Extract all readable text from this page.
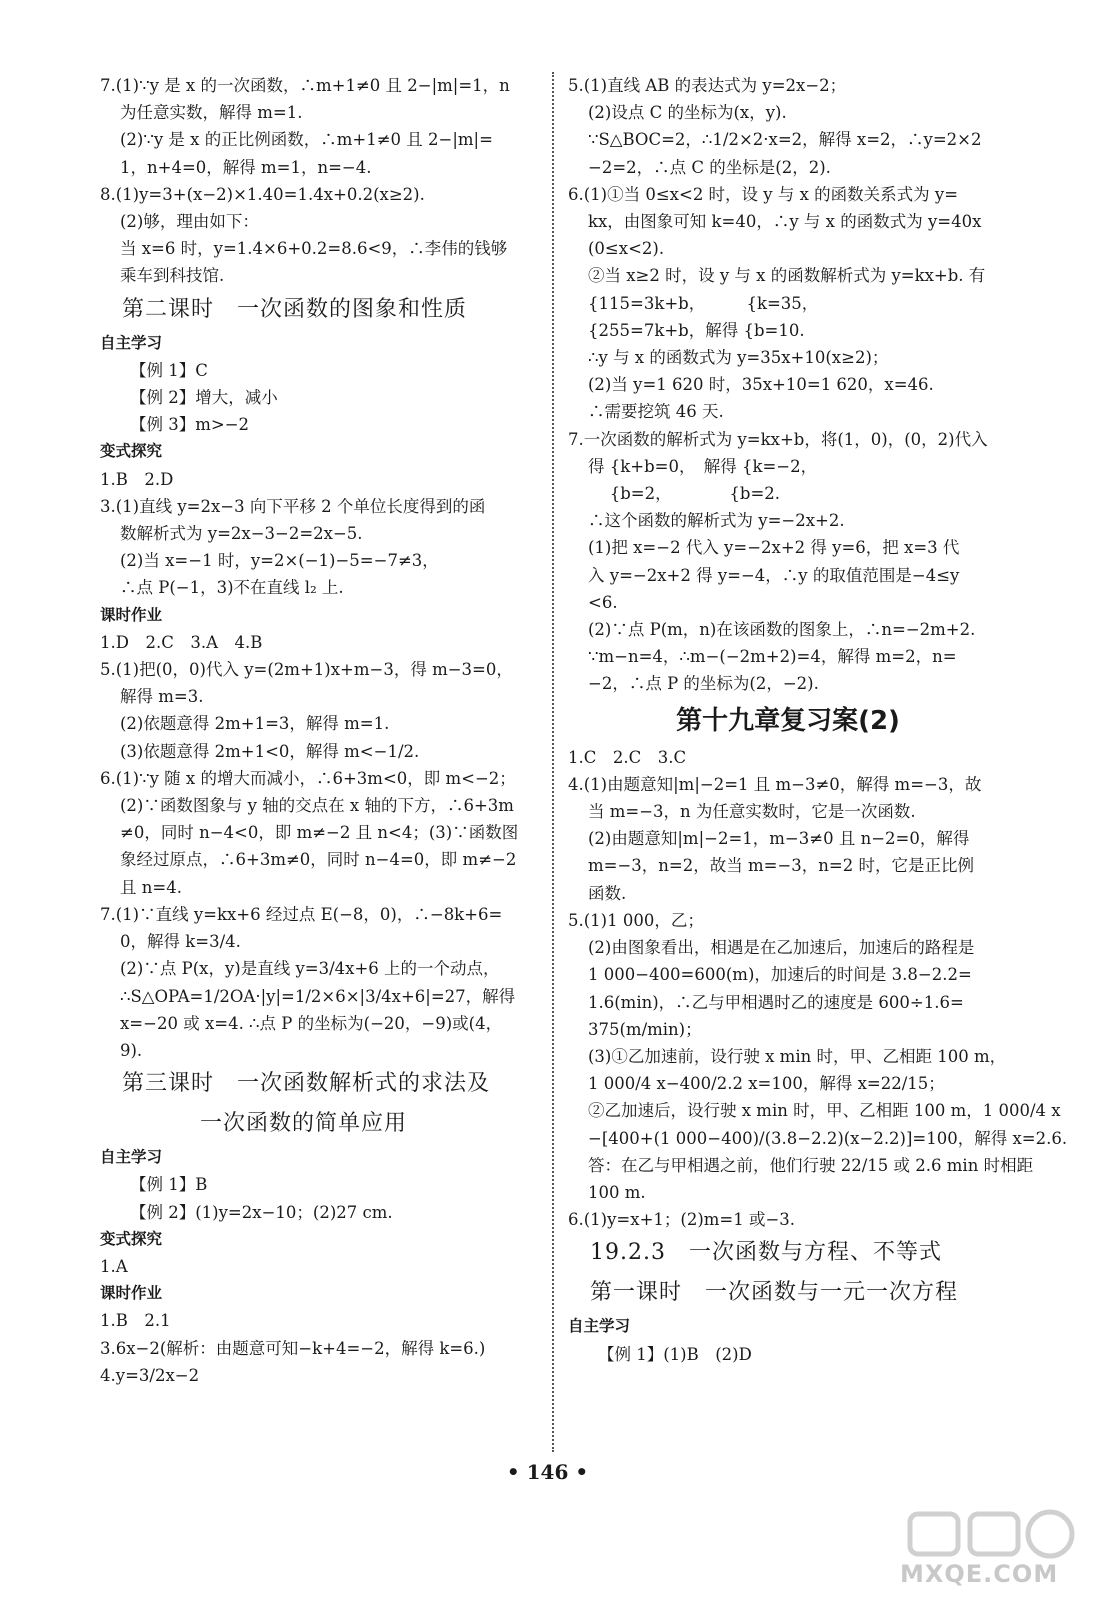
7.(1)∵y 是 x 的一次函数，∴m+1≠0 且 2−|m|=1，n
为任意实数，解得 m=1.
(2)∵y 是 x 的正比例函数，∴m+1≠0 且 2−|m|=
1，n+4=0，解得 m=1，n=−4.
8.(1)y=3+(x−2)×1.40=1.4x+0.2(x≥2).
(2)够，理由如下：
当 x=6 时，y=1.4×6+0.2=8.6<9，∴李伟的钱够
乘车到科技馆.
第二课时　一次函数的图象和性质
自主学习
【例 1】C
【例 2】增大，减小
【例 3】m>−2
变式探究
1.B　2.D
3.(1)直线 y=2x−3 向下平移 2 个单位长度得到的函
数解析式为 y=2x−3−2=2x−5.
(2)当 x=−1 时，y=2×(−1)−5=−7≠3，
∴点 P(−1，3)不在直线 l₂ 上.
课时作业
1.D　2.C　3.A　4.B
5.(1)把(0，0)代入 y=(2m+1)x+m−3，得 m−3=0，
解得 m=3.
(2)依题意得 2m+1=3，解得 m=1.
(3)依题意得 2m+1<0，解得 m<−1/2.
6.(1)∵y 随 x 的增大而减小，∴6+3m<0，即 m<−2；
(2)∵函数图象与 y 轴的交点在 x 轴的下方，∴6+3m
≠0，同时 n−4<0，即 m≠−2 且 n<4；(3)∵函数图
象经过原点，∴6+3m≠0，同时 n−4=0，即 m≠−2
且 n=4.
7.(1)∵直线 y=kx+6 经过点 E(−8，0)，∴−8k+6=
0，解得 k=3/4.
(2)∵点 P(x，y)是直线 y=3/4x+6 上的一个动点，
∴S△OPA=1/2OA·|y|=1/2×6×|3/4x+6|=27，解得
x=−20 或 x=4. ∴点 P 的坐标为(−20，−9)或(4，
9).
第三课时　一次函数解析式的求法及
一次函数的简单应用
自主学习
【例 1】B
【例 2】(1)y=2x−10；(2)27 cm.
变式探究
1.A
课时作业
1.B　2.1
3.6x−2(解析：由题意可知−k+4=−2，解得 k=6.)
4.y=3/2x−2
5.(1)直线 AB 的表达式为 y=2x−2；
(2)设点 C 的坐标为(x，y).
∵S△BOC=2，∴1/2×2·x=2，解得 x=2，∴y=2×2
−2=2，∴点 C 的坐标是(2，2).
6.(1)①当 0≤x<2 时，设 y 与 x 的函数关系式为 y=
kx，由图象可知 k=40，∴y 与 x 的函数式为 y=40x
(0≤x<2).
②当 x≥2 时，设 y 与 x 的函数解析式为 y=kx+b. 有
{115=3k+b，　　　{k=35，
{255=7k+b，解得 {b=10.
∴y 与 x 的函数式为 y=35x+10(x≥2)；
(2)当 y=1 620 时，35x+10=1 620，x=46.
∴需要挖筑 46 天.
7.一次函数的解析式为 y=kx+b，将(1，0)，(0，2)代入
得 {k+b=0，　解得 {k=−2，
　 {b=2，　　　　{b=2.
∴这个函数的解析式为 y=−2x+2.
(1)把 x=−2 代入 y=−2x+2 得 y=6，把 x=3 代
入 y=−2x+2 得 y=−4，∴y 的取值范围是−4≤y
<6.
(2)∵点 P(m，n)在该函数的图象上，∴n=−2m+2.
∵m−n=4，∴m−(−2m+2)=4，解得 m=2，n=
−2，∴点 P 的坐标为(2，−2).
第十九章复习案(2)
1.C　2.C　3.C
4.(1)由题意知|m|−2=1 且 m−3≠0，解得 m=−3，故
当 m=−3，n 为任意实数时，它是一次函数.
(2)由题意知|m|−2=1，m−3≠0 且 n−2=0，解得
m=−3，n=2，故当 m=−3，n=2 时，它是正比例
函数.
5.(1)1 000，乙；
(2)由图象看出，相遇是在乙加速后，加速后的路程是
1 000−400=600(m)，加速后的时间是 3.8−2.2=
1.6(min)，∴乙与甲相遇时乙的速度是 600÷1.6=
375(m/min)；
(3)①乙加速前，设行驶 x min 时，甲、乙相距 100 m，
1 000/4 x−400/2.2 x=100，解得 x=22/15；
②乙加速后，设行驶 x min 时，甲、乙相距 100 m，1 000/4 x
−[400+(1 000−400)/(3.8−2.2)(x−2.2)]=100，解得 x=2.6.
答：在乙与甲相遇之前，他们行驶 22/15 或 2.6 min 时相距
100 m.
6.(1)y=x+1；(2)m=1 或−3.
19.2.3　一次函数与方程、不等式
第一课时　一次函数与一元一次方程
自主学习
【例 1】(1)B　(2)D
• 146 •
MXQE.COM
